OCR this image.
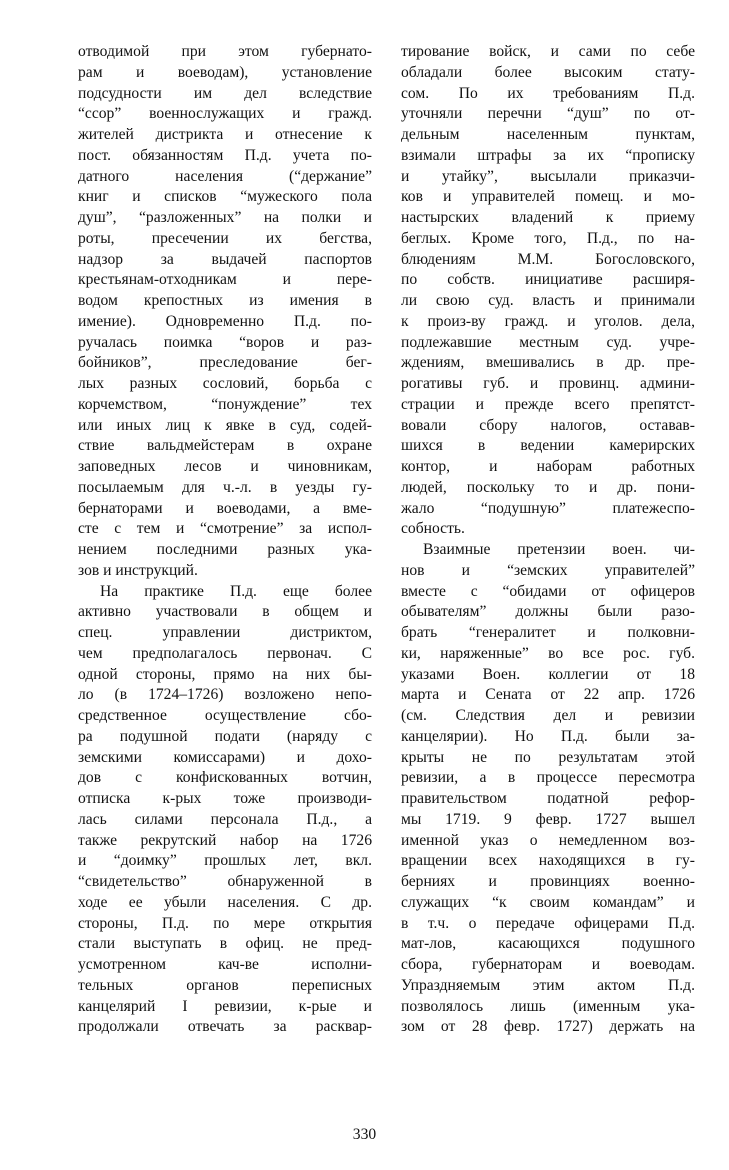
отводимой при этом губернато-
рам и воеводам), установление
подсудности им дел вследствие
“ссор” военнослужащих и гражд.
жителей дистрикта и отнесение к
пост. обязанностям П.д. учета по-
датного населения (“держание”
книг и списков “мужеского пола
душ”, “разложенных” на полки и
роты, пресечении их бегства,
надзор за выдачей паспортов
крестьянам-отходникам и пере-
водом крепостных из имения в
имение). Одновременно П.д. по-
ручалась поимка “воров и раз-
бойников”, преследование бег-
лых разных сословий, борьба с
корчемством, “понуждение” тех
или иных лиц к явке в суд, содей-
ствие вальдмейстерам в охране
заповедных лесов и чиновникам,
посылаемым для ч.-л. в уезды гу-
бернаторами и воеводами, а вме-
сте с тем и “смотрение” за испол-
нением последними разных ука-
зов и инструкций.
На практике П.д. еще более
активно участвовали в общем и
спец. управлении дистриктом,
чем предполагалось первонач. С
одной стороны, прямо на них бы-
ло (в 1724–1726) возложено непо-
средственное осуществление сбо-
ра подушной подати (наряду с
земскими комиссарами) и дохо-
дов с конфискованных вотчин,
отписка к-рых тоже производи-
лась силами персонала П.д., а
также рекрутский набор на 1726
и “доимку” прошлых лет, вкл.
“свидетельство” обнаруженной в
ходе ее убыли населения. С др.
стороны, П.д. по мере открытия
стали выступать в офиц. не пред-
усмотренном кач-ве исполни-
тельных органов переписных
канцелярий I ревизии, к-рые и
продолжали отвечать за расквар-
тирование войск, и сами по себе
обладали более высоким стату-
сом. По их требованиям П.д.
уточняли перечни “душ” по от-
дельным населенным пунктам,
взимали штрафы за их “прописку
и утайку”, высылали приказчи-
ков и управителей помещ. и мо-
настырских владений к приему
беглых. Кроме того, П.д., по на-
блюдениям М.М. Богословского,
по собств. инициативе расширя-
ли свою суд. власть и принимали
к произ-ву гражд. и уголов. дела,
подлежавшие местным суд. учре-
ждениям, вмешивались в др. пре-
рогативы губ. и провинц. админи-
страции и прежде всего препятст-
вовали сбору налогов, оставав-
шихся в ведении камерирских
контор, и наборам работных
людей, поскольку то и др. пони-
жало “подушную” платежеспо-
собность.
Взаимные претензии воен. чи-
нов и “земских управителей”
вместе с “обидами от офицеров
обывателям” должны были разо-
брать “генералитет и полковни-
ки, наряженные” во все рос. губ.
указами Воен. коллегии от 18
марта и Сената от 22 апр. 1726
(см. Следствия дел и ревизии
канцелярии). Но П.д. были за-
крыты не по результатам этой
ревизии, а в процессе пересмотра
правительством податной рефор-
мы 1719. 9 февр. 1727 вышел
именной указ о немедленном воз-
вращении всех находящихся в гу-
берниях и провинциях военно-
служащих “к своим командам” и
в т.ч. о передаче офицерами П.д.
мат-лов, касающихся подушного
сбора, губернаторам и воеводам.
Упраздняемым этим актом П.д.
позволялось лишь (именным ука-
зом от 28 февр. 1727) держать на
330
